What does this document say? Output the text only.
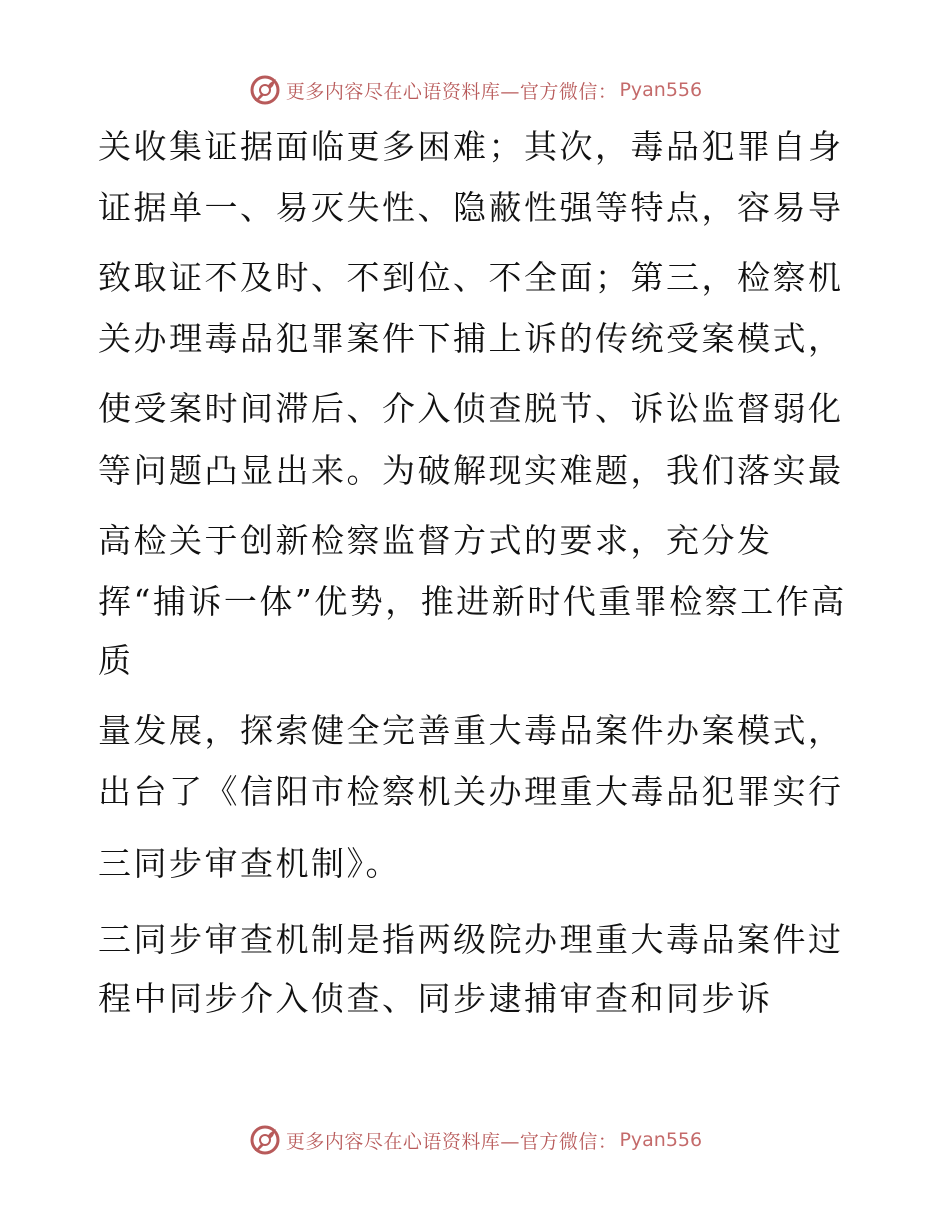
更多内容尽在心语资料库— 官方微信： Pyan556
关收集证据面临更多困难；其次，毒品犯罪自身
证据单一、易灭失性、隐蔽性强等特点，容易导
致取证不及时、不到位、不全面；第三，检察机
关办理毒品犯罪案件下捕上诉的传统受案模式，
使受案时间滞后、介入侦查脱节、诉讼监督弱化
等问题凸显出来。为破解现实难题，我们落实最
高检关于创新检察监督方式的要求，充分发
挥“捕诉一体”优势，推进新时代重罪检察工作高
质
量发展，探索健全完善重大毒品案件办案模式，
出台了《信阳市检察机关办理重大毒品犯罪实行
三同步审查机制》。
三同步审查机制是指两级院办理重大毒品案件过
程中同步介入侦查、同步逮捕审查和同步诉
更多内容尽在心语资料库— 官方微信： Pyan556
